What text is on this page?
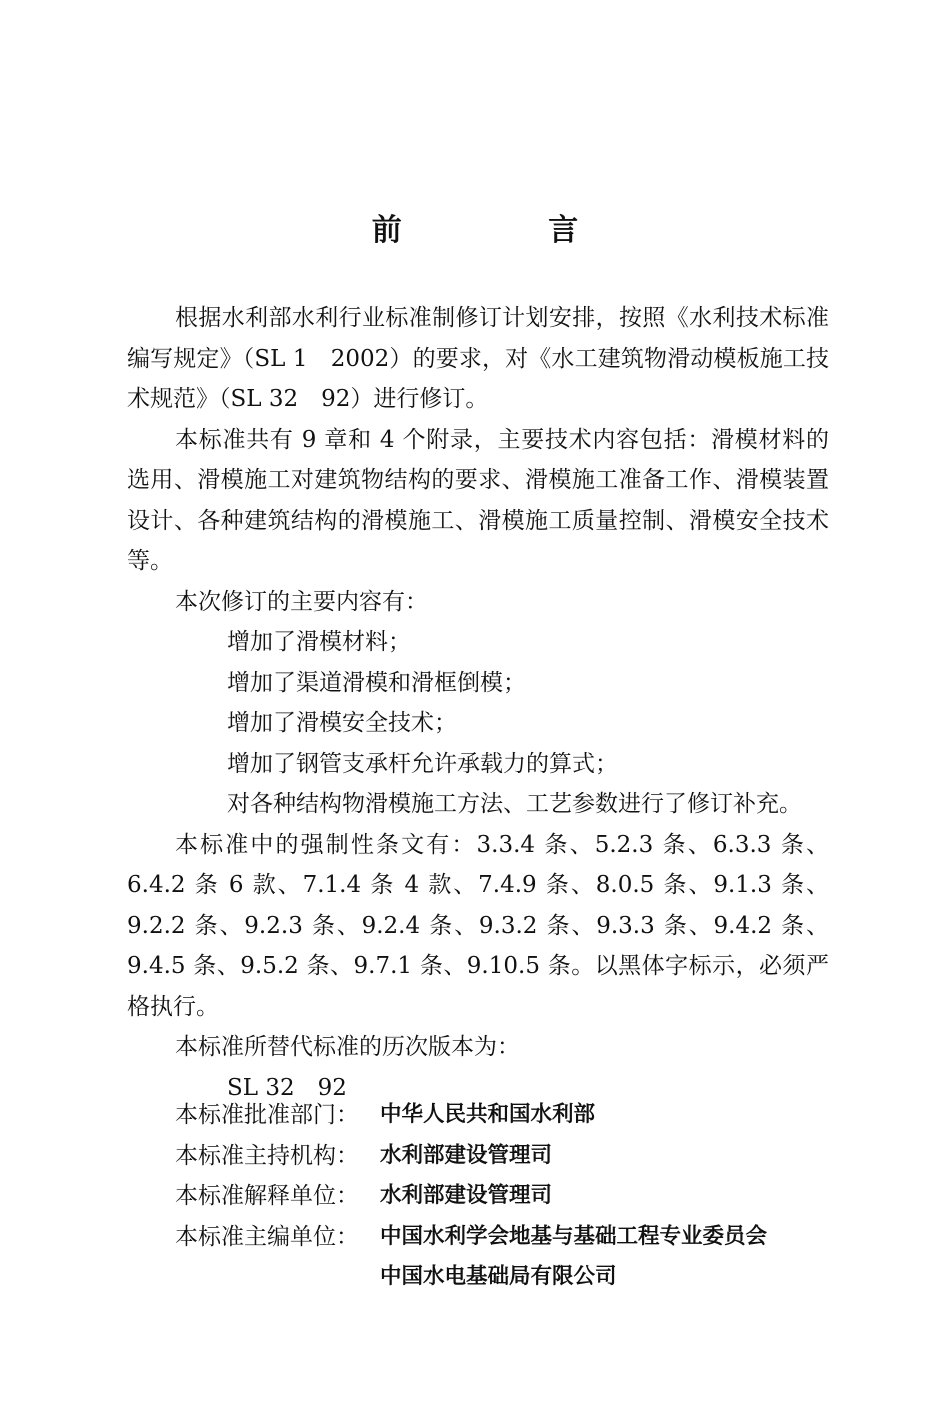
前 言

根据水利部水利行业标准制修订计划安排，按照《水利技术标准编写规定》（SL 1　2002）的要求，对《水工建筑物滑动模板施工技术规范》（SL 32　92）进行修订。

本标准共有 9 章和 4 个附录，主要技术内容包括：滑模材料的选用、滑模施工对建筑物结构的要求、滑模施工准备工作、滑模装置设计、各种建筑结构的滑模施工、滑模施工质量控制、滑模安全技术等。

本次修订的主要内容有：

增加了滑模材料；
增加了渠道滑模和滑框倒模；
增加了滑模安全技术；
增加了钢管支承杆允许承载力的算式；
对各种结构物滑模施工方法、工艺参数进行了修订补充。

本标准中的强制性条文有：3.3.4 条、5.2.3 条、6.3.3 条、6.4.2 条 6 款、7.1.4 条 4 款、7.4.9 条、8.0.5 条、9.1.3 条、9.2.2 条、9.2.3 条、9.2.4 条、9.3.2 条、9.3.3 条、9.4.2 条、9.4.5 条、9.5.2 条、9.7.1 条、9.10.5 条。以黑体字标示，必须严格执行。

本标准所替代标准的历次版本为：

SL 32　92
本标准批准部门： 中华人民共和国水利部
本标准主持机构： 水利部建设管理司
本标准解释单位： 水利部建设管理司
本标准主编单位： 中国水利学会地基与基础工程专业委员会
中国水电基础局有限公司
